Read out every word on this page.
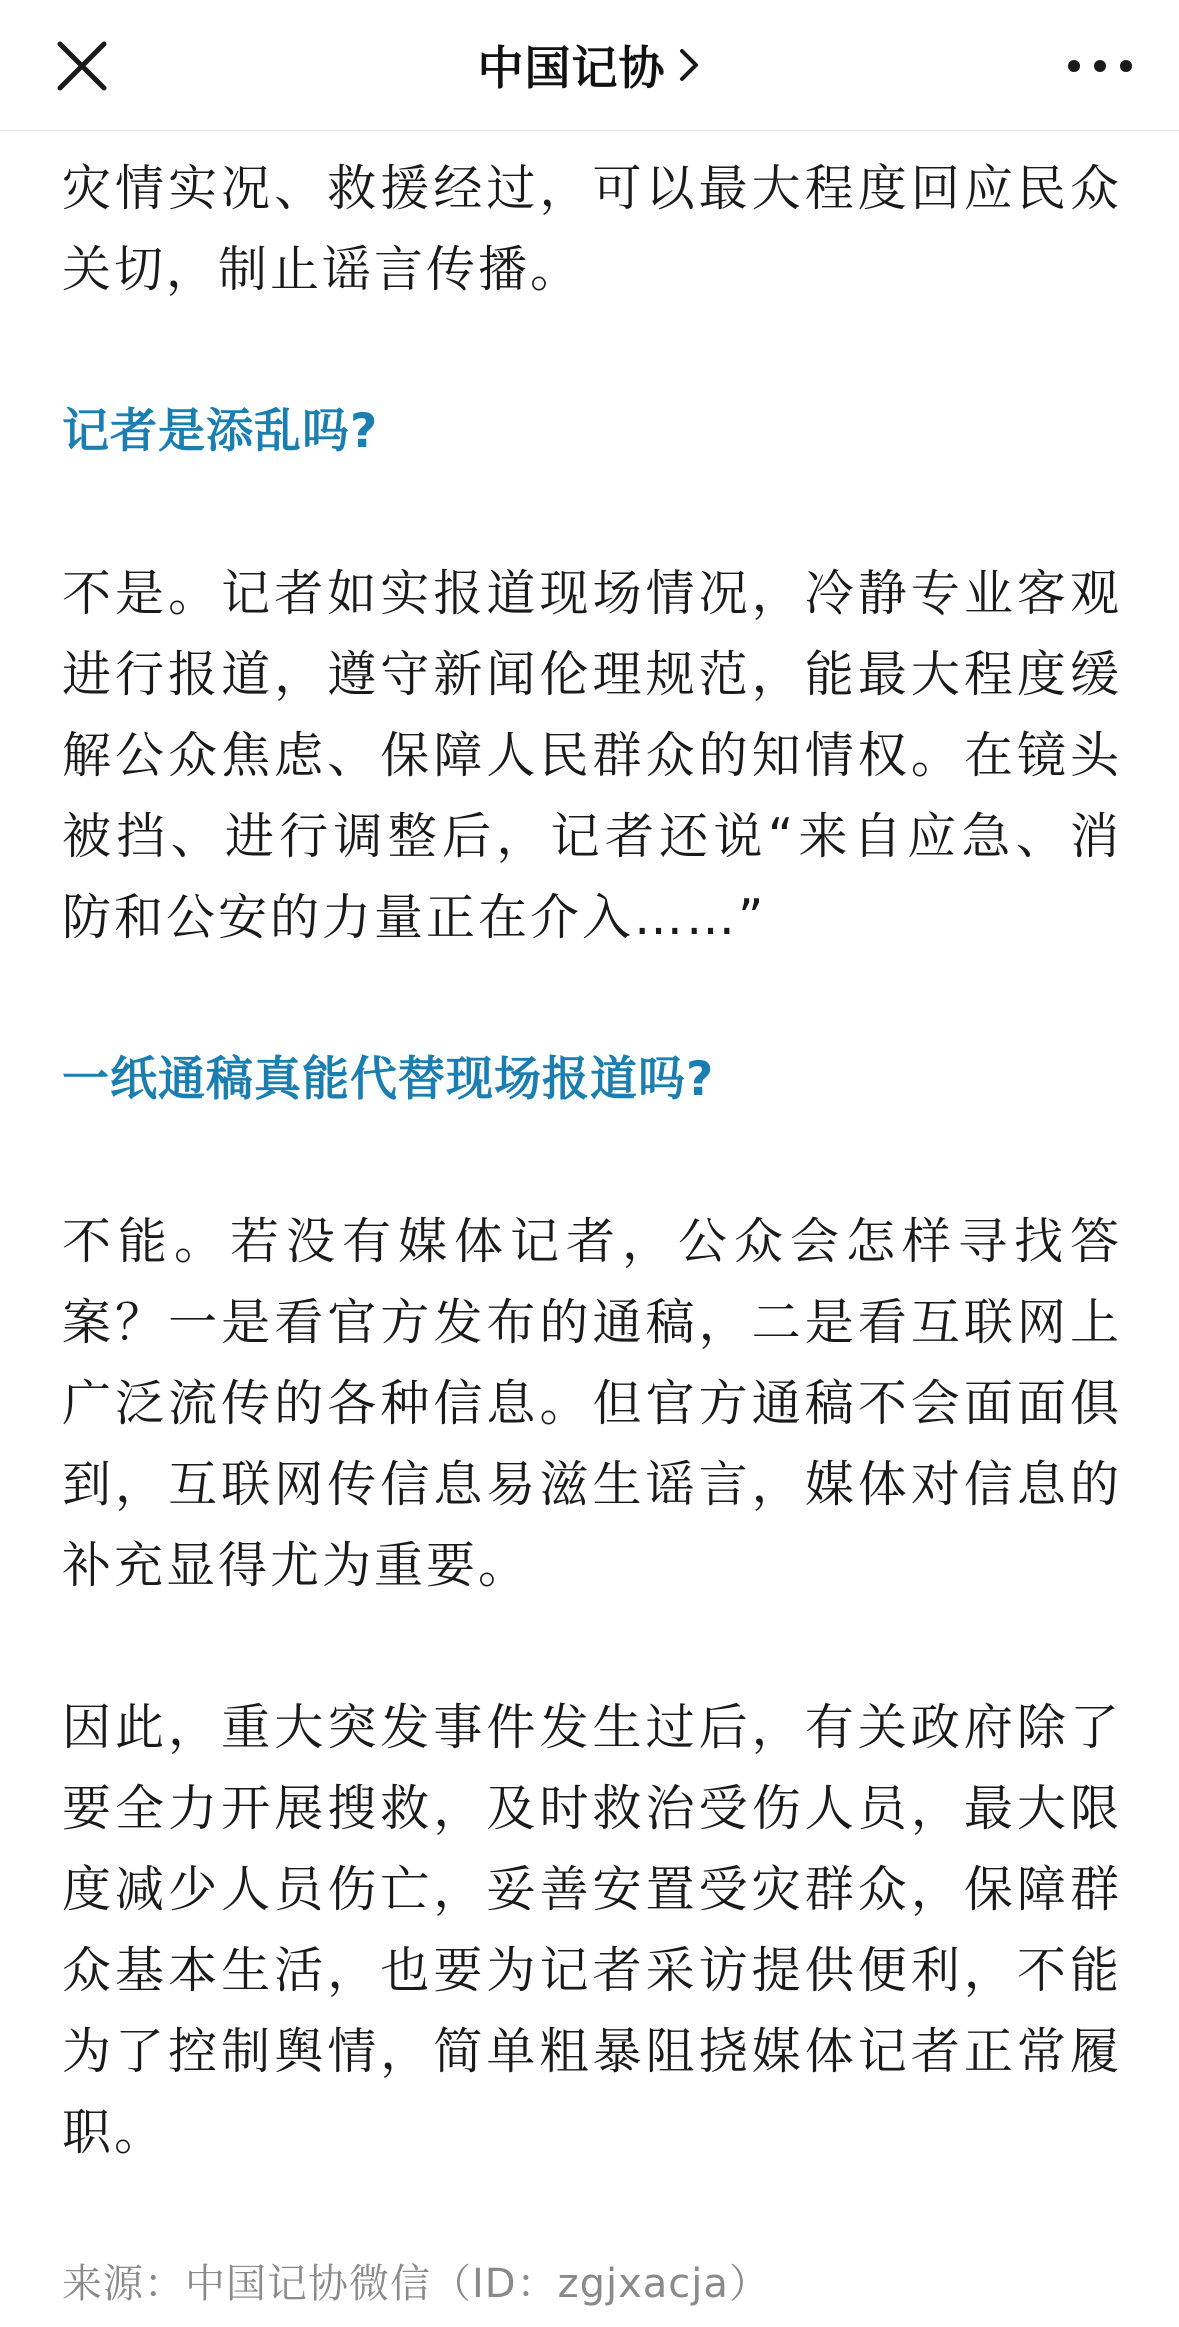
中国记协

灾情实况、救援经过，可以最大程度回应民众关切，制止谣言传播。

记者是添乱吗?

不是。记者如实报道现场情况，冷静专业客观进行报道，遵守新闻伦理规范，能最大程度缓解公众焦虑、保障人民群众的知情权。在镜头被挡、进行调整后，记者还说“来自应急、消防和公安的力量正在介入……”

一纸通稿真能代替现场报道吗?

不能。若没有媒体记者，公众会怎样寻找答案？一是看官方发布的通稿，二是看互联网上广泛流传的各种信息。但官方通稿不会面面俱到，互联网传信息易滋生谣言，媒体对信息的补充显得尤为重要。

因此，重大突发事件发生过后，有关政府除了要全力开展搜救，及时救治受伤人员，最大限度减少人员伤亡，妥善安置受灾群众，保障群众基本生活，也要为记者采访提供便利，不能为了控制舆情，简单粗暴阻挠媒体记者正常履职。

来源：中国记协微信（ID：zgjxacja）
